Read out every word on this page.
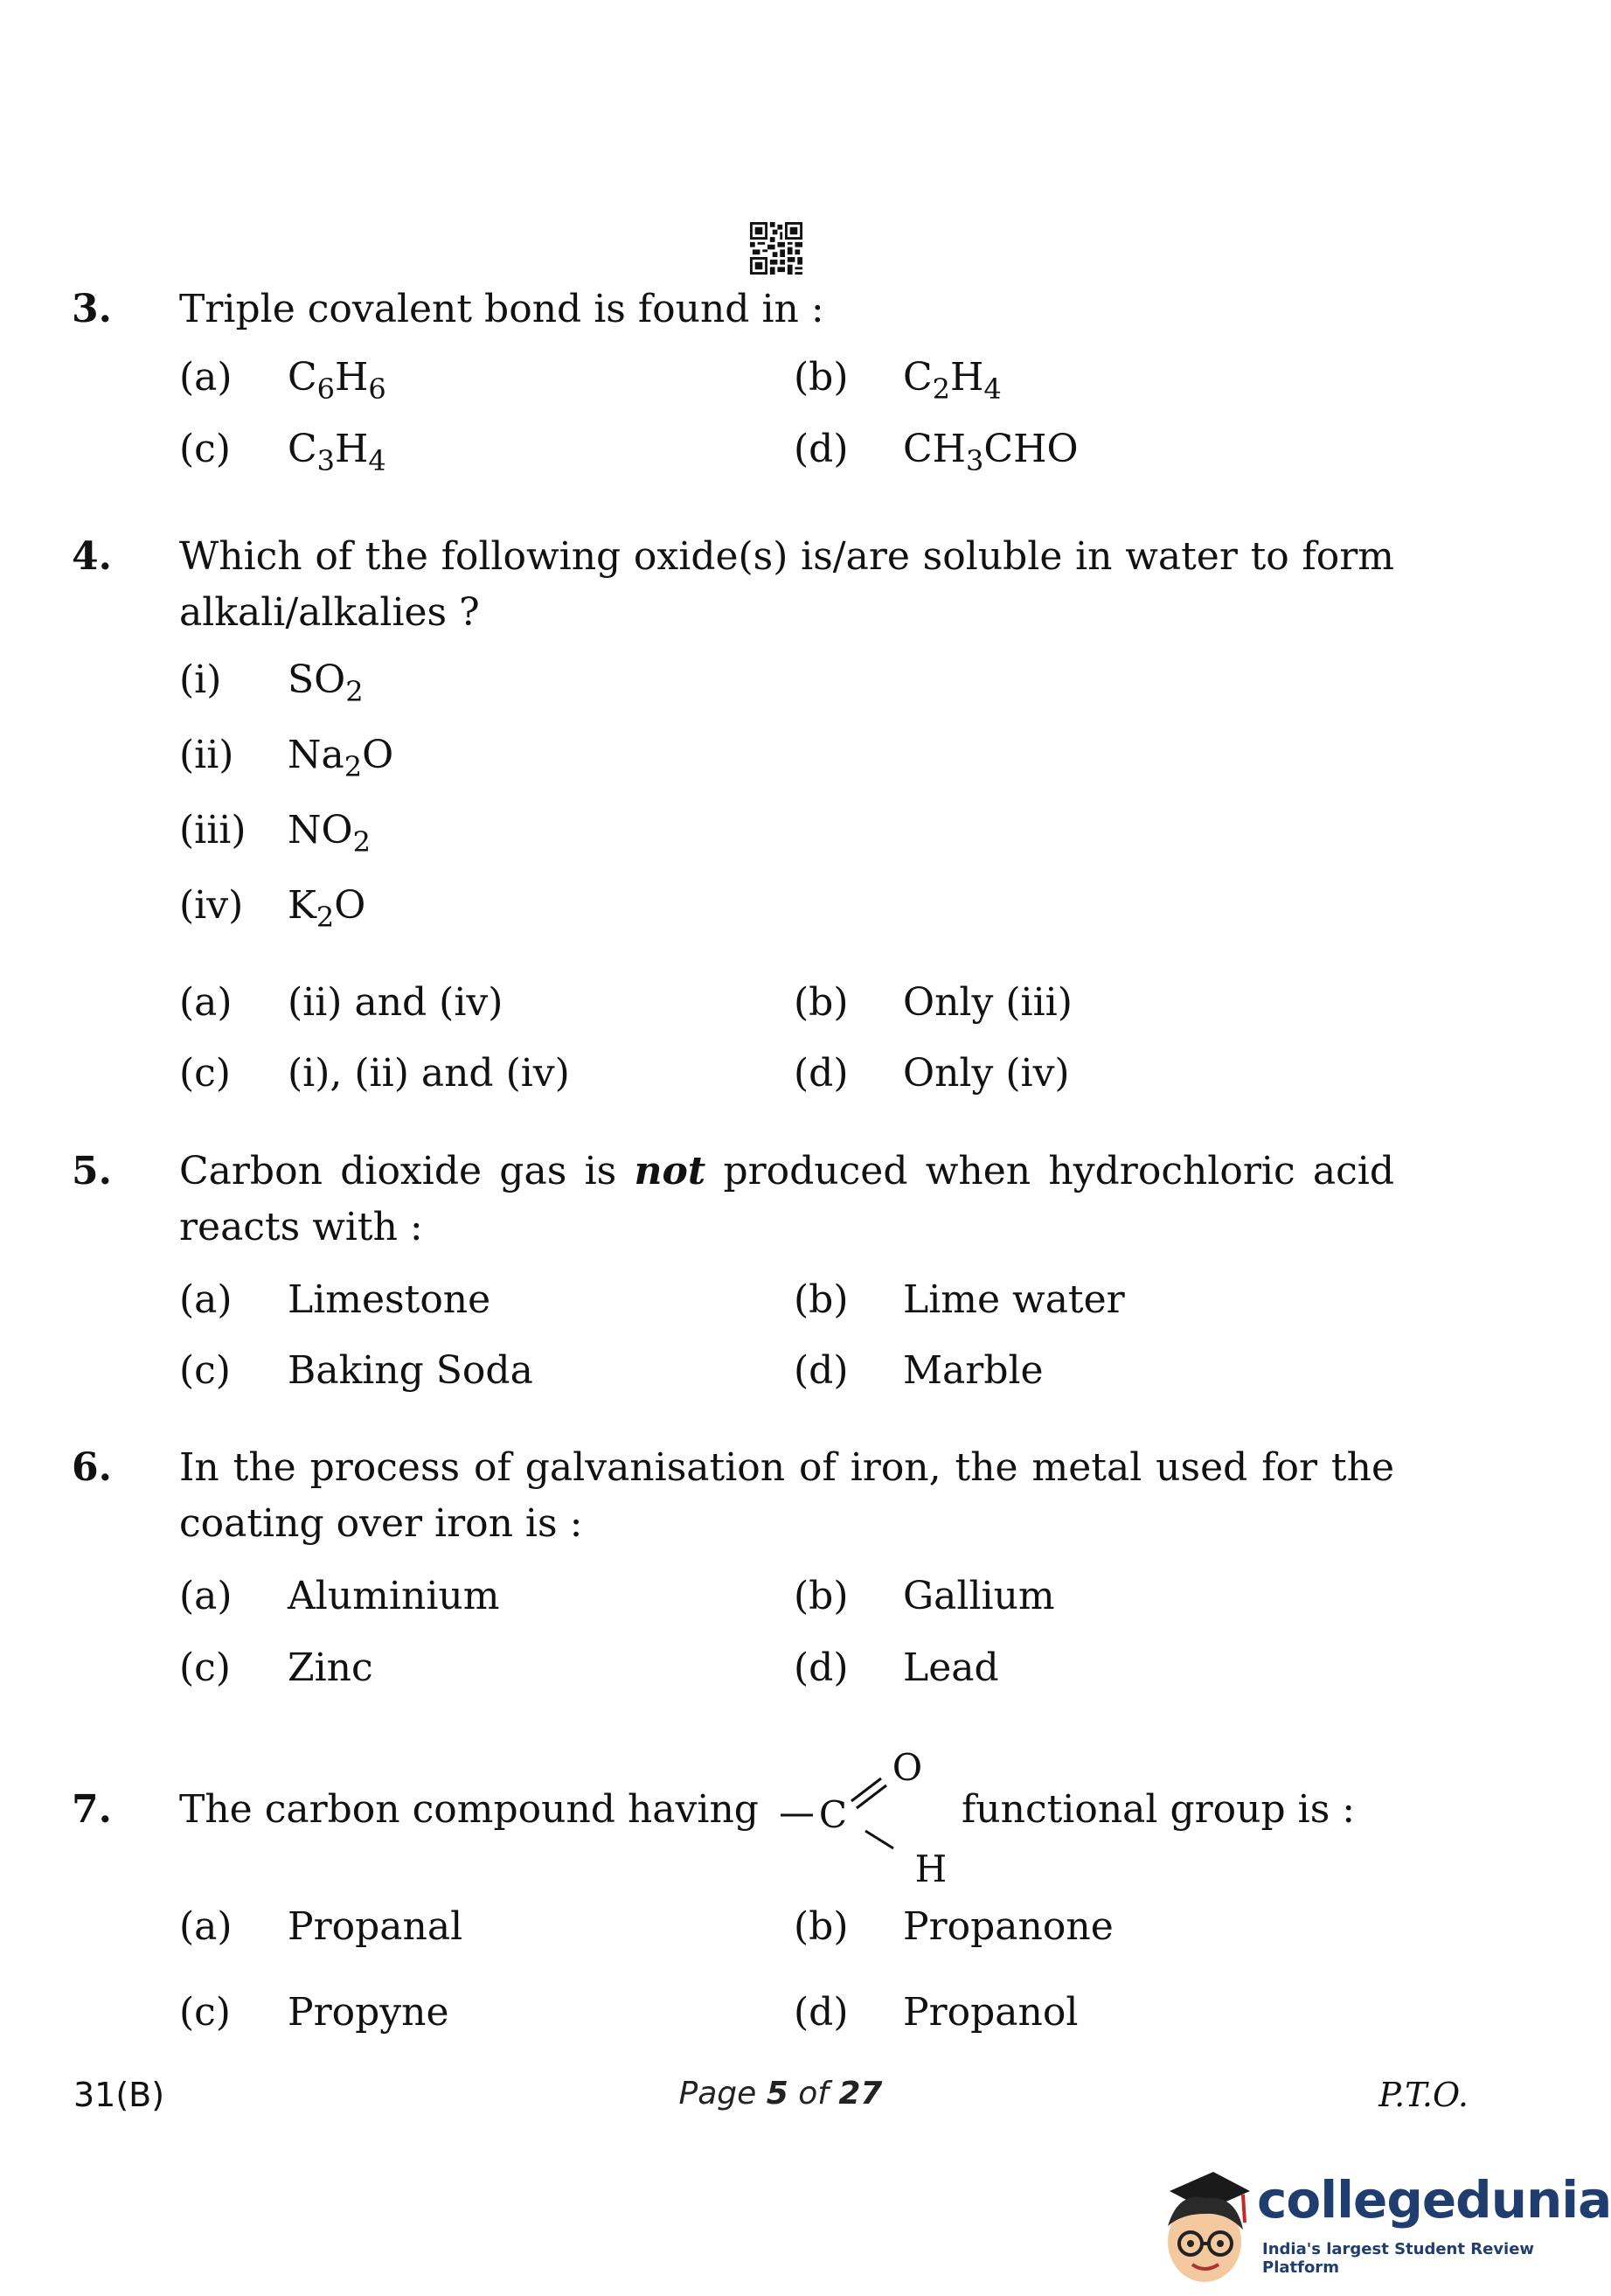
3. Triple covalent bond is found in :
(a) $C_6H_6$	(b) $C_2H_4$
(c) $C_3H_4$	(d) $CH_3CHO$
4. Which of the following oxide(s) is/are soluble in water to form alkali/alkalies ?
(i) $SO_2$
(ii) $Na_2O$
(iii) $NO_2$
(iv) $K_2O$
(a) (ii) and (iv)	(b) Only (iii)
(c) (i), (ii) and (iv)	(d) Only (iv)
5. Carbon dioxide gas is not produced when hydrochloric acid reacts with :
(a) Limestone	(b) Lime water
(c) Baking Soda	(d) Marble
6. In the process of galvanisation of iron, the metal used for the coating over iron is :
(a) Aluminium	(b) Gallium
(c) Zinc	(d) Lead
7. The carbon compound having C
O
H
functional group is :
(a) Propanal	(b) Propanone
(c) Propyne	(d) Propanol
31(B)	Page 5 of 27	P.T.O.
collegedunia
India's largest Student Review Platform
